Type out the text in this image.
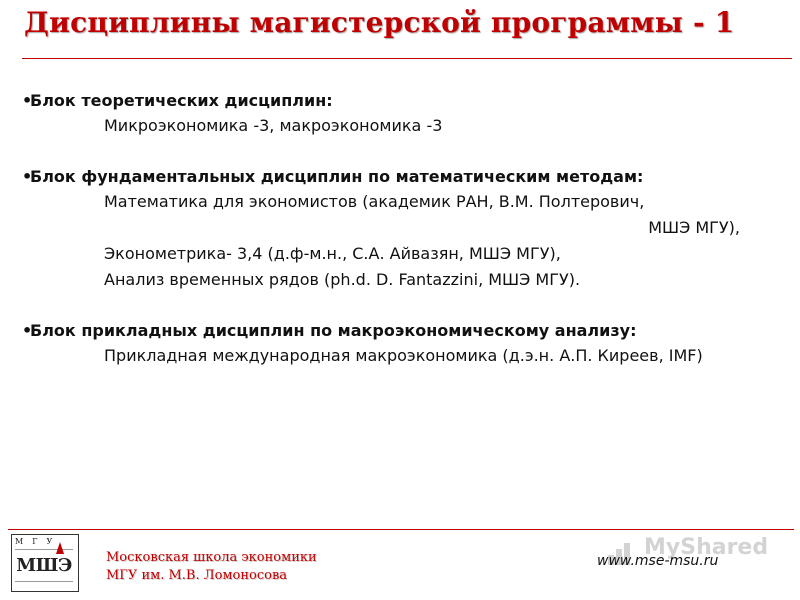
Дисциплины магистерской программы - 1
•Блок теоретических дисциплин:
Микроэкономика -3, макроэкономика -3
•Блок фундаментальных дисциплин по математическим методам:
Математика для экономистов (академик РАН, В.М. Полтерович,
МШЭ МГУ),
Эконометрика- 3,4 (д.ф-м.н., С.А. Айвазян, МШЭ МГУ),
Анализ временных рядов (ph.d. D. Fantazzini, МШЭ МГУ).
•Блок прикладных дисциплин по макроэкономическому анализу:
Прикладная международная макроэкономика (д.э.н. А.П. Киреев, IMF)
МГУ
МШЭ	Московская школа экономики
МГУ им. М.В. Ломоносова
MyShared
www.mse-msu.ru
